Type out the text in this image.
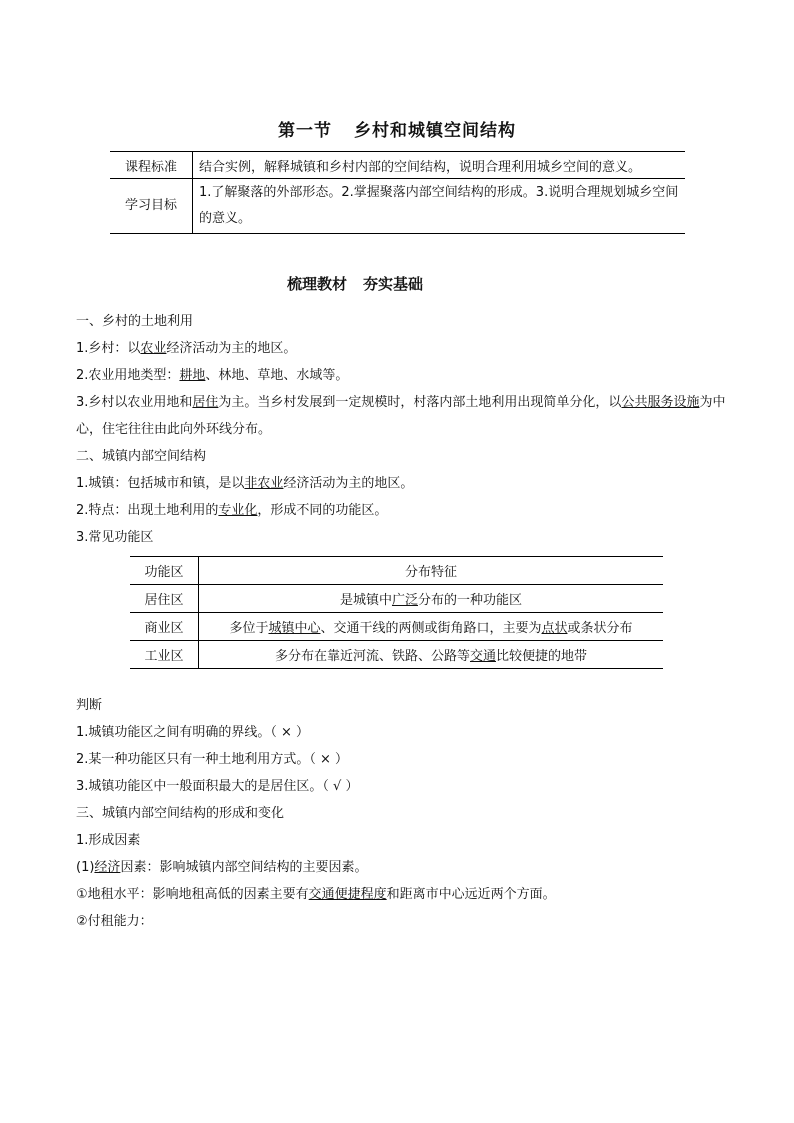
第一节 乡村和城镇空间结构
课程标准	结合实例，解释城镇和乡村内部的空间结构，说明合理利用城乡空间的意义。
学习目标	1.了解聚落的外部形态。2.掌握聚落内部空间结构的形成。3.说明合理规划城乡空间的意义。
梳理教材 夯实基础
一、乡村的土地利用
1.乡村：以农业经济活动为主的地区。
2.农业用地类型：耕地、林地、草地、水域等。
3.乡村以农业用地和居住为主。当乡村发展到一定规模时，村落内部土地利用出现简单分化，以公共服务设施为中心，住宅往往由此向外环线分布。
二、城镇内部空间结构
1.城镇：包括城市和镇，是以非农业经济活动为主的地区。
2.特点：出现土地利用的专业化，形成不同的功能区。
3.常见功能区
功能区	分布特征
居住区	是城镇中广泛分布的一种功能区
商业区	多位于城镇中心、交通干线的两侧或街角路口，主要为点状或条状分布
工业区	多分布在靠近河流、铁路、公路等交通比较便捷的地带
判断
1.城镇功能区之间有明确的界线。（ × ）
2.某一种功能区只有一种土地利用方式。（ × ）
3.城镇功能区中一般面积最大的是居住区。（ √ ）
三、城镇内部空间结构的形成和变化
1.形成因素
(1)经济因素：影响城镇内部空间结构的主要因素。
①地租水平：影响地租高低的因素主要有交通便捷程度和距离市中心远近两个方面。
②付租能力：
